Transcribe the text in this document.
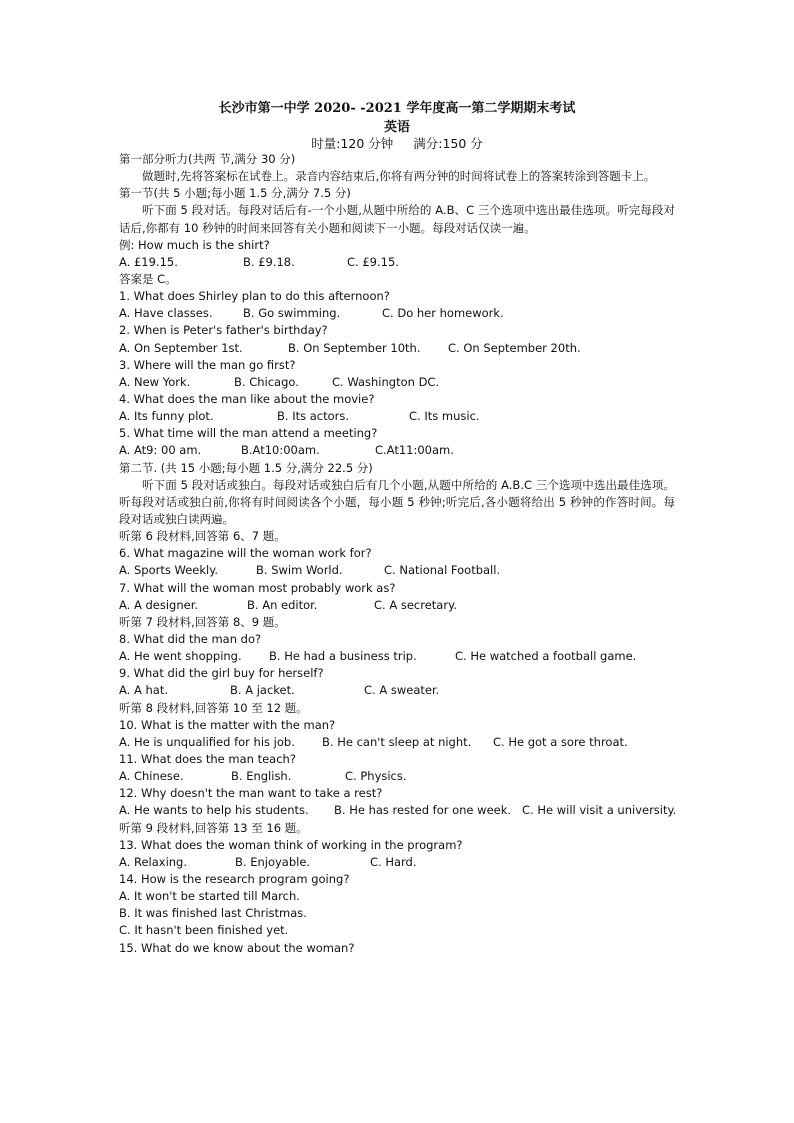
长沙市第一中学 2020- -2021 学年度高一第二学期期末考试
英语
时量:120 分钟 满分:150 分
第一部分听力(共两 节,满分 30 分)
做题时,先将答案标在试卷上。录音内容结束后,你将有两分钟的时间将试卷上的答案转涂到答题卡上。
第一节(共 5 小题;每小题 1.5 分,满分 7.5 分)
听下面 5 段对话。每段对话后有-一个小题,从题中所给的 A.B、C 三个选项中选出最佳选项。听完每段对话后,你都有 10 秒钟的时间来回答有关小题和阅读下一小题。每段对话仅读一遍。
例: How much is the shirt?
A. £19.15.	B. £9.18.	C. £9.15.
答案是 C。
1. What does Shirley plan to do this afternoon?
A. Have classes.	B. Go swimming.	C. Do her homework.
2. When is Peter's father's birthday?
A. On September 1st.	B. On September 10th. C. On September 20th.
3. Where will the man go first?
A. New York.	B. Chicago.	C. Washington DC.
4. What does the man like about the movie?
A. Its funny plot.	B. Its actors.	C. Its music.
5. What time will the man attend a meeting?
A. At9: 00 am.	B.At10:00am.	C.At11:00am.
第二节. (共 15 小题;每小题 1.5 分,满分 22.5 分)
听下面 5 段对话或独白。每段对话或独白后有几个小题,从题中所给的 A.B.C 三个选项中选出最佳选项。听每段对话或独白前,你将有时间阅读各个小题，每小题 5 秒钟;听完后,各小题将给出 5 秒钟的作答时间。每段对话或独白读两遍。
听第 6 段材料,回答第 6、7 题。
6. What magazine will the woman work for?
A. Sports Weekly.	B. Swim World.	C. National Football.
7. What will the woman most probably work as?
A. A designer.	B. An editor.	C. A secretary.
听第 7 段材料,回答第 8、9 题。
8. What did the man do?
A. He went shopping. B. He had a business trip.	C. He watched a football game.
9. What did the girl buy for herself?
A. A hat.	B. A jacket.	C. A sweater.
听第 8 段材料,回答第 10 至 12 题。
10. What is the matter with the man?
A. He is unqualified for his job. B. He can't sleep at night. C. He got a sore throat.
11. What does the man teach?
A. Chinese.	B. English.	C. Physics.
12. Why doesn't the man want to take a rest?
A. He wants to help his students. B. He has rested for one week. C. He will visit a university.
听第 9 段材料,回答第 13 至 16 题。
13. What does the woman think of working in the program?
A. Relaxing.	B. Enjoyable.	C. Hard.
14. How is the research program going?
A. It won't be started till March.
B. It was finished last Christmas.
C. It hasn't been finished yet.
15. What do we know about the woman?
